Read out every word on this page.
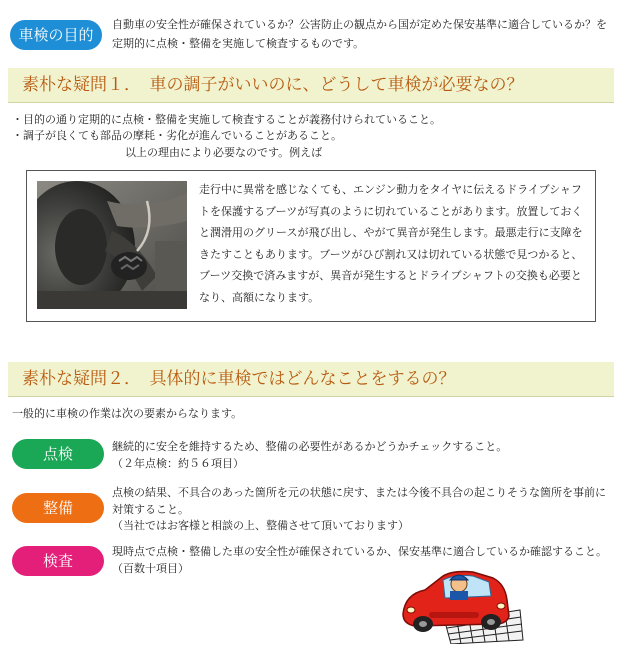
車検の目的
自動車の安全性が確保されているか？公害防止の観点から国が定めた保安基準に適合しているか？を定期的に点検・整備を実施して検査するものです。
素朴な疑問１．　車の調子がいいのに、どうして車検が必要なの？
・目的の通り定期的に点検・整備を実施して検査することが義務付けられていること。
・調子が良くても部品の摩耗・劣化が進んでいることがあること。
以上の理由により必要なのです。例えば
走行中に異常を感じなくても、エンジン動力をタイヤに伝えるドライブシャフトを保護するブーツが写真のように切れていることがあります。放置しておくと潤滑用のグリースが飛び出し、やがて異音が発生します。最悪走行に支障をきたすこともあります。ブーツがひび割れ又は切れている状態で見つかると、ブーツ交換で済みますが、異音が発生するとドライブシャフトの交換も必要となり、高額になります。
素朴な疑問２．　具体的に車検ではどんなことをするの？
一般的に車検の作業は次の要素からなります。
点検	継続的に安全を維持するため、整備の必要性があるかどうかチェックすること。
（２年点検：約５６項目）
整備
点検の結果、不具合のあった箇所を元の状態に戻す、または今後不具合の起こりそうな箇所を事前に対策すること。
（当社ではお客様と相談の上、整備させて頂いております）
検査
現時点で点検・整備した車の安全性が確保されているか、保安基準に適合しているか確認すること。（百数十項目）
